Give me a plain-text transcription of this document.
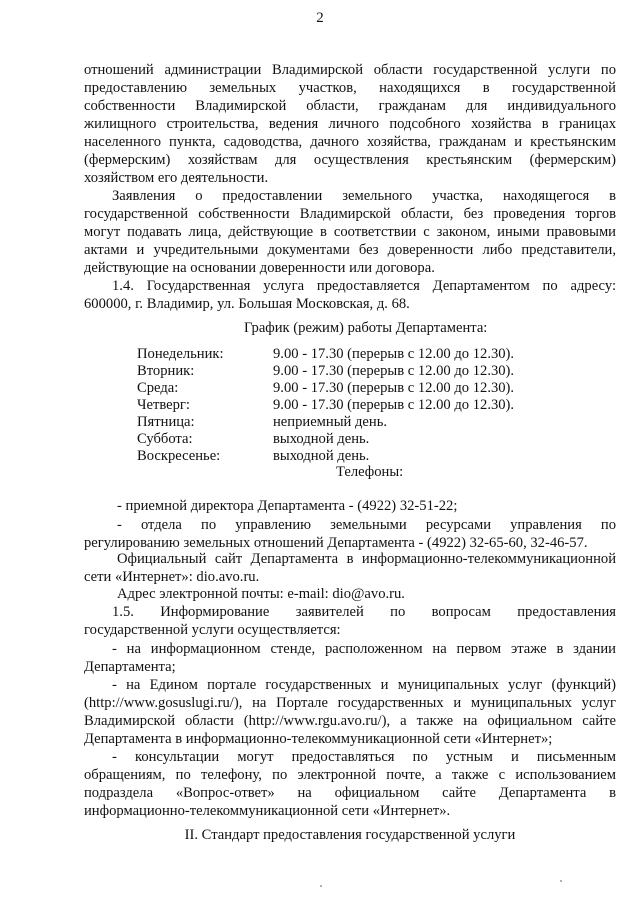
2
отношений администрации Владимирской области государственной услуги по
предоставлению земельных участков, находящихся в государственной
собственности Владимирской области, гражданам для индивидуального
жилищного строительства, ведения личного подсобного хозяйства в границах
населенного пункта, садоводства, дачного хозяйства, гражданам и крестьянским
(фермерским) хозяйствам для осуществления крестьянским (фермерским)
хозяйством его деятельности.
Заявления о предоставлении земельного участка, находящегося в
государственной собственности Владимирской области, без проведения торгов
могут подавать лица, действующие в соответствии с законом, иными правовыми
актами и учредительными документами без доверенности либо представители,
действующие на основании доверенности или договора.
1.4. Государственная услуга предоставляется Департаментом по адресу:
600000, г. Владимир, ул. Большая Московская, д. 68.
График (режим) работы Департамента:
Понедельник:	9.00 - 17.30 (перерыв с 12.00 до 12.30).
Вторник:	9.00 - 17.30 (перерыв с 12.00 до 12.30).
Среда:	9.00 - 17.30 (перерыв с 12.00 до 12.30).
Четверг:	9.00 - 17.30 (перерыв с 12.00 до 12.30).
Пятница:	неприемный день.
Суббота:	выходной день.
Воскресенье:	выходной день.
Телефоны:
- приемной директора Департамента - (4922) 32-51-22;
- отдела по управлению земельными ресурсами управления по
регулированию земельных отношений Департамента - (4922) 32-65-60, 32-46-57.
Официальный сайт Департамента в информационно-телекоммуникационной
сети «Интернет»: dio.avo.ru.
Адрес электронной почты: e-mail: dio@avo.ru.
1.5. Информирование заявителей по вопросам предоставления
государственной услуги осуществляется:
- на информационном стенде, расположенном на первом этаже в здании
Департамента;
- на Едином портале государственных и муниципальных услуг (функций)
(http://www.gosuslugi.ru/), на Портале государственных и муниципальных услуг
Владимирской области (http://www.rgu.avo.ru/), а также на официальном сайте
Департамента в информационно-телекоммуникационной сети «Интернет»;
- консультации могут предоставляться по устным и письменным
обращениям, по телефону, по электронной почте, а также с использованием
подраздела «Вопрос-ответ» на официальном сайте Департамента в
информационно-телекоммуникационной сети «Интернет».
II. Стандарт предоставления государственной услуги
